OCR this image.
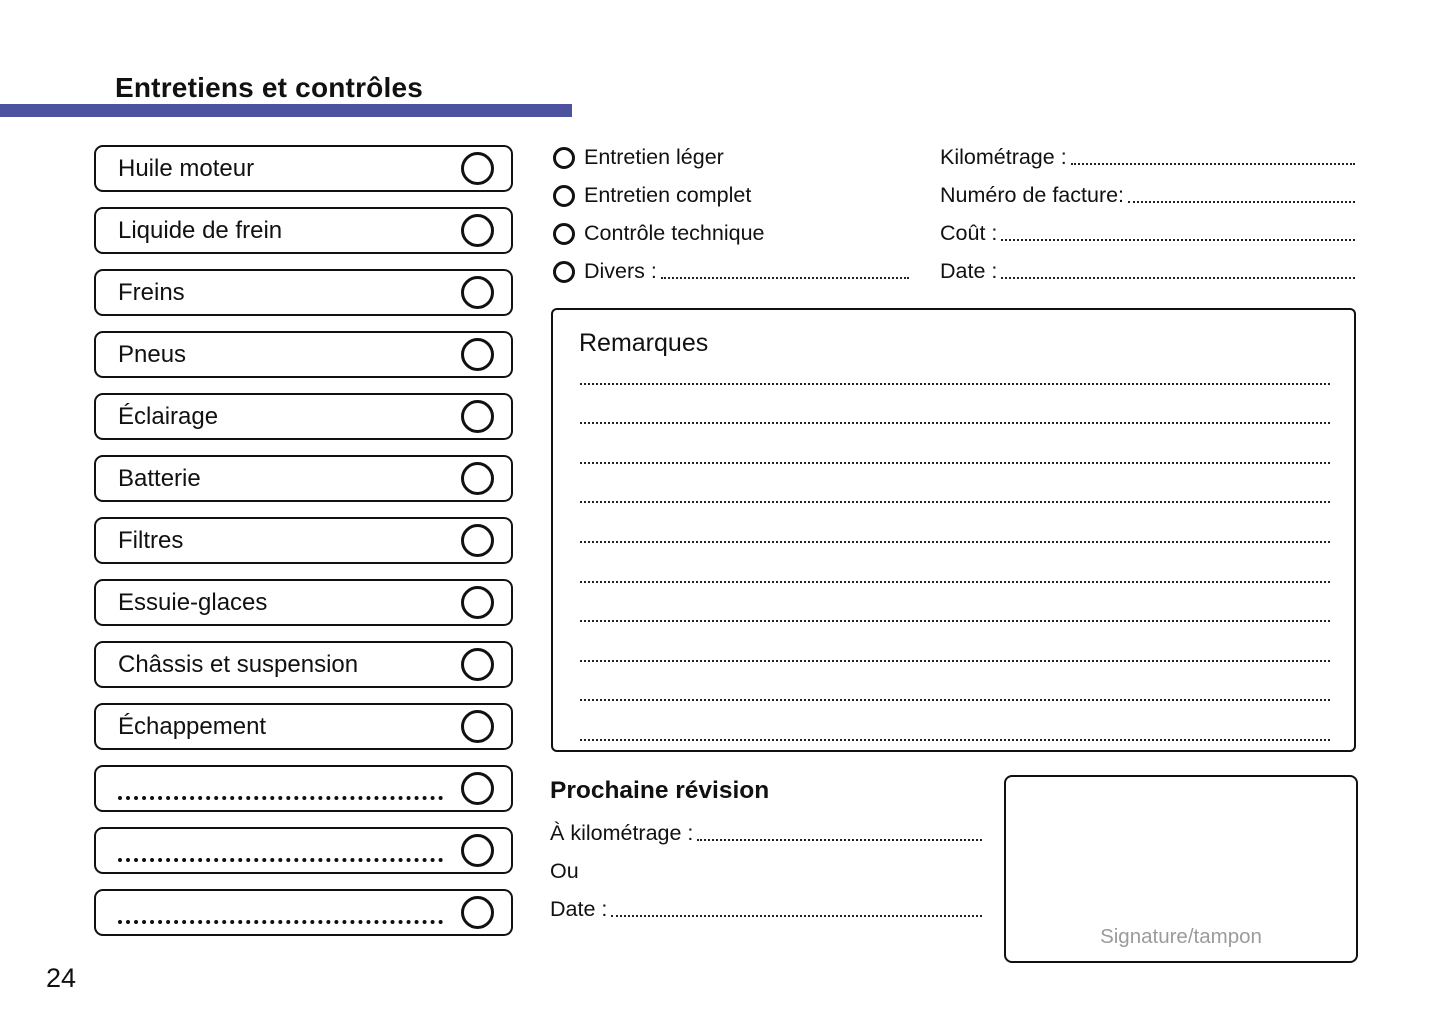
Entretiens et contrôles
Huile moteur
Liquide de frein
Freins
Pneus
Éclairage
Batterie
Filtres
Essuie-glaces
Châssis et suspension
Échappement
Entretien léger
Entretien complet
Contrôle technique
Divers :
Kilométrage :
Numéro de facture:
Coût :
Date :
Remarques
Prochaine révision
À kilométrage :
Ou
Date :
Signature/tampon
24
